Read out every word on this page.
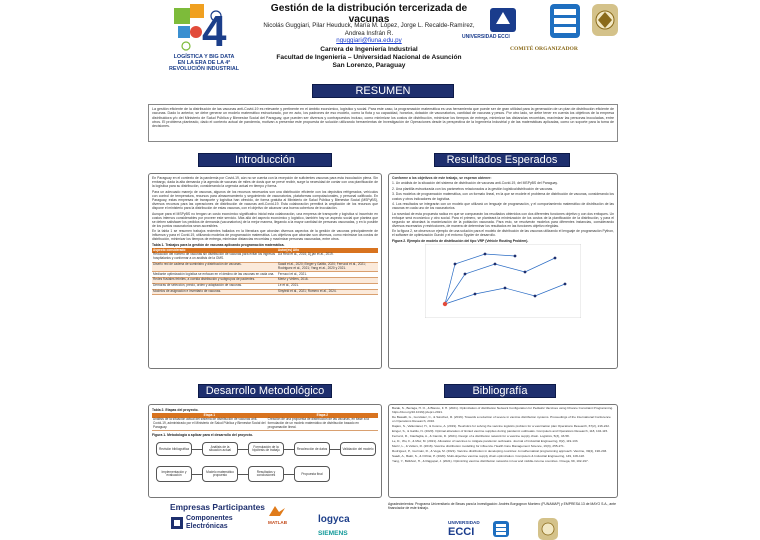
4
LOGÍSTICA Y BIG DATA
EN LA ERA DE LA 4ª
REVOLUCIÓN INDUSTRIAL
Gestión de la distribución tercerizada de vacunas
Nicolás Guggiari, Pilar Heuduck, María M. López, Jorge L. Recalde-Ramírez,
Andrea Insfrán R.
nguggiari@fiuna.edu.py
Carrera de Ingeniería Industrial
Facultad de Ingeniería – Universidad Nacional de Asunción
San Lorenzo, Paraguay
UNIVERSIDAD ECCI
COMITÉ ORGANIZADOR
RESUMEN
La gestión eficiente de la distribución de las vacunas anti-Covid-19 es relevante y pertinente en el ámbito económico, logístico y social. Para este caso, la programación matemática es una herramienta que puede ser de gran utilidad para la generación de un plan de distribución eficiente de vacunas. Dado lo anterior, se debe generar un modelo matemático estructurado, por en acto, los padrones de eso modelo, como la flota y su capacidad, horarios, dotación de vacunatorios, cantidad de vacunas y pesos. Por otro lado, se debe tener en cuenta los objetivos de la empresa distribuidora y/o del Ministerio de Salud Pública y Bienestar Social del Paraguay, que pueden ser diversos y contrapuestos incluso, como minimizar los costos de distribución, minimizar los tiempos de entrega, minimizar las distancias recorridas, maximizar las personas inoculadas, entre otros. El problema planteado, dado el contexto actual de pandemia, motivan a presentar este propuesta de solución utilizando herramientas de Investigación de Operaciones desde la perspectiva de la Ingeniería Industrial y de las matemáticas aplicadas, como un soporte para la toma de decisiones.
Introducción

En Paraguay en el contexto de la pandemia por Covid-19, aún no se cuenta con la recepción de suficientes vacunas para esta inoculación plena. Sin embargo, dada la alta demanda y la agenda de vacunas de miles de dosis que se prevé recibir, surge la necesidad de contar con una planificación de la logística para su distribución, considerando la urgencia actual en tiempo y forma.

Para un adecuado manejo de vacunas, algunos de los recursos necesarios son una distribución eficiente con los depósitos refrigerados, vehículos con control de temperatura, recursos para almacenamiento y seguimiento de vacunatorios, plataformas computacionales, y personal calificado. En Paraguay, estas empresas de transporte y logística han ofrecido, de forma gratuita al Ministerio de Salud Pública y Bienestar Social (MSPyBS), diversos recursos para las operaciones de distribución de vacunas anti-Covid-19. Esta colaboración permitirá la ampliación de los recursos que dispone el ministerio para la distribución de estas vacunas, con el objetivo de alcanzar una buena cobertura de inoculación.

Aunque para el MSPyBS no tengan un costo económico significativo inicial esta colaboración, una empresa de transporte y logística si incurrirán en costos internos considerables por proveer este servicio. Más allá del aspecto económico y logístico, también hay un aspecto social que plantea que se deben satisfacer los pedidos de demanda (vacunatorios) de la mejor manera, llegando a la mayor cantidad de personas vacunadas, y en lo posible de los puntos vacunatorios sean accesibles.

En la tabla 1 se resumen trabajos recientes hallados en la literatura que abordan diversos aspectos de la gestión de vacunas principalmente de influenza y para el Covid-19, utilizando modelos de programación matemática. Los objetivos que abordan son diversos, como minimizar los costos de distribución, minimizar los tiempos de entrega, minimizar distancias recorridas y maximizar personas vacunadas, entre otros.

Tabla 1. Trabajos para la gestión de vacunas aplicando programación matemática.
Aspecto considerado	Autor(es) Año
Reducción del número de vacunas sin distribución de vacunas para evitar los ingresos hospitalarios y conformar a un análisis de la OMS.	Da Real et al., 2016; Dj jan et al., 2019.
Diseño red de cadena de suministro y distribución de vacunas.	Saadi et al., 2020; Einger y Galtilo, 2020; Ferrucci et al., 2021; Rodriguez et al., 2021; Yang et al., 2020 y 2021.
Mediante optimización logística se enfocan en el destino de las vacunas en cada una.	Ferrucci et al., 2021.
Redes fluviales febriles, a corrida distribución y subgrupos de pacientes.	Mertz y Vellers, 2016.
Demoras de selección, precio, orden y adaptación de vacunas.	Le et al., 2021.
Modelos de asignación e inventario de vacunas.	Sinyfeld et al., 2021; Romero et al., 2024.
Resultados Esperados

Conforme a los objetivos de este trabajo, se esperan obtener:

1. Un análisis de la situación del sistema de distribución de vacunas anti-Covid-19, del MSPyBS del Paraguay.

2. Una plantilla estructurada con los parámetros relacionados a la gestión logística/distribución de vacunas.

3. Dos modelos de programación matemática, con un formato lineal, en la que se modele el problema de distribución de vacunas, considerando los costos y otros indicadores de logística.

4. Los resultados se integrarán con un modelo que utilizará un lenguaje de programación, y el comportamiento matemático de distribución de las vacunas en cada uno de los vacunatorios.

La novedad de esta propuesta radica en que se compararán los resultados obtenidos con dos diferentes funciones objetivo y con dos enfoques. Un enfoque será económico y otro social. Para el primero, se planteará la minimización de los costos de la planificación de la distribución, y para el segundo se abordará la maximización de la población vacunada. Para esto, se resolverán modelos para diferentes instancias, considerando diversos escenarios y restricciones, de manera de determinar los resultados en las funciones objetivo elegidas.

En la figura 2, se observa un ejemplo de una solución para el modelo de distribución de las vacunas utilizando el lenguaje de programación Python, el software de optimización Gurobi y el entorno Spyder de desarrollo.

Figura 2. Ejemplo de modelo de distribución del tipo VRP (Vehicle Routing Problem).
Desarrollo Metodológico
Tabla 2. Etapas del proyecto.
Etapa 1	Etapa 2
Análisis de la situación actual del sistema de distribución de vacunas anti-Covid-19, administrado por el Ministerio de Salud Pública y Bienestar Social del Paraguay.	Creación de una propuesta de distribución de las vacunas, en base a la formulación de un modelo matemático de distribución basado en programación lineal.
Figura 1. Metodología a aplicar para el desarrollo del proyecto.
Revisión bibliográfica	Análisis de la situación actual
Formulación de la hipótesis de trabajo	Recolección de datos	Validación del modelo
Implementación y evaluación
Modelo matemático propuesto
Resultados y conclusiones	Propuesta final
Bibliografía

Barak, S., Bezaga, H. O., & Blanco, F. H. (2021). Optimization of distribution Network Configuration for Pediatric Vaccines using Chance Constraint Programming. https://doi.org/10.1016/j.jclepro.2021.

De Basaldi, G., González, C., & Sánchez, R. (2016). Towards a reduction of severe in vaccine distribution systems. Proceedings of the International Conference on Operations Research, 2016.

Dajaro, S., Vallentanel, H., & Cosme, A. (2019). Heuristics for solving the vaccine logistics problem for a vaccination plan Operations Research, 67(2), 216-222.

Einger, S., & Galtilo, N. (2020). Optimal allocation of limited vaccine supplies during pandemic outbreaks. Computers and Operations Research, 118, 104-115.

Ferrucci, R., Cianfaglia, A., & Camilo, D. (2021). Design of a distribution network for a vaccine supply chain. Logistics, 5(3), 43-58.

Le, D., Wu, F., & Miur, M. (2021). Allocation of vaccines to mitigate pandemic outbreaks. Journal of Industrial Engineering, 8(2), 119-133.

Mertz, L., & Vellers, R. (2016). Vaccine distribution modelling for influenza. Health Care Management Science, 19(3), 255-271.

Rodríguez, P., Guzmán, R., & Vega, M. (2021). Vaccine distribution in developing countries: A mathematical programming approach. Vaccine, 39(2), 190-203.

Saadi, A., Bakir, S., & Ozfirat, P. (2020). Multi-objective vaccine supply chain optimization. Computers & Industrial Engineering, 149, 106-118.

Yang, Y., Bidkhori, H., & Rajgopal, J. (2021). Optimizing vaccine distribution networks in low and middle-income countries. Omega, 99, 102-197.

Empresas Participantes
Componentes
Electrónicas
MATLAB	logyca
SIEMENS
Agradecimientos: Programa Universitario de Becas para la Investigación: Andrés Borgognon Montero (FUNAMAP) y EMPRESA 13 de MAYO S.A., ante financiador de este trabajo.
UNIVERSIDAD
ECCI
